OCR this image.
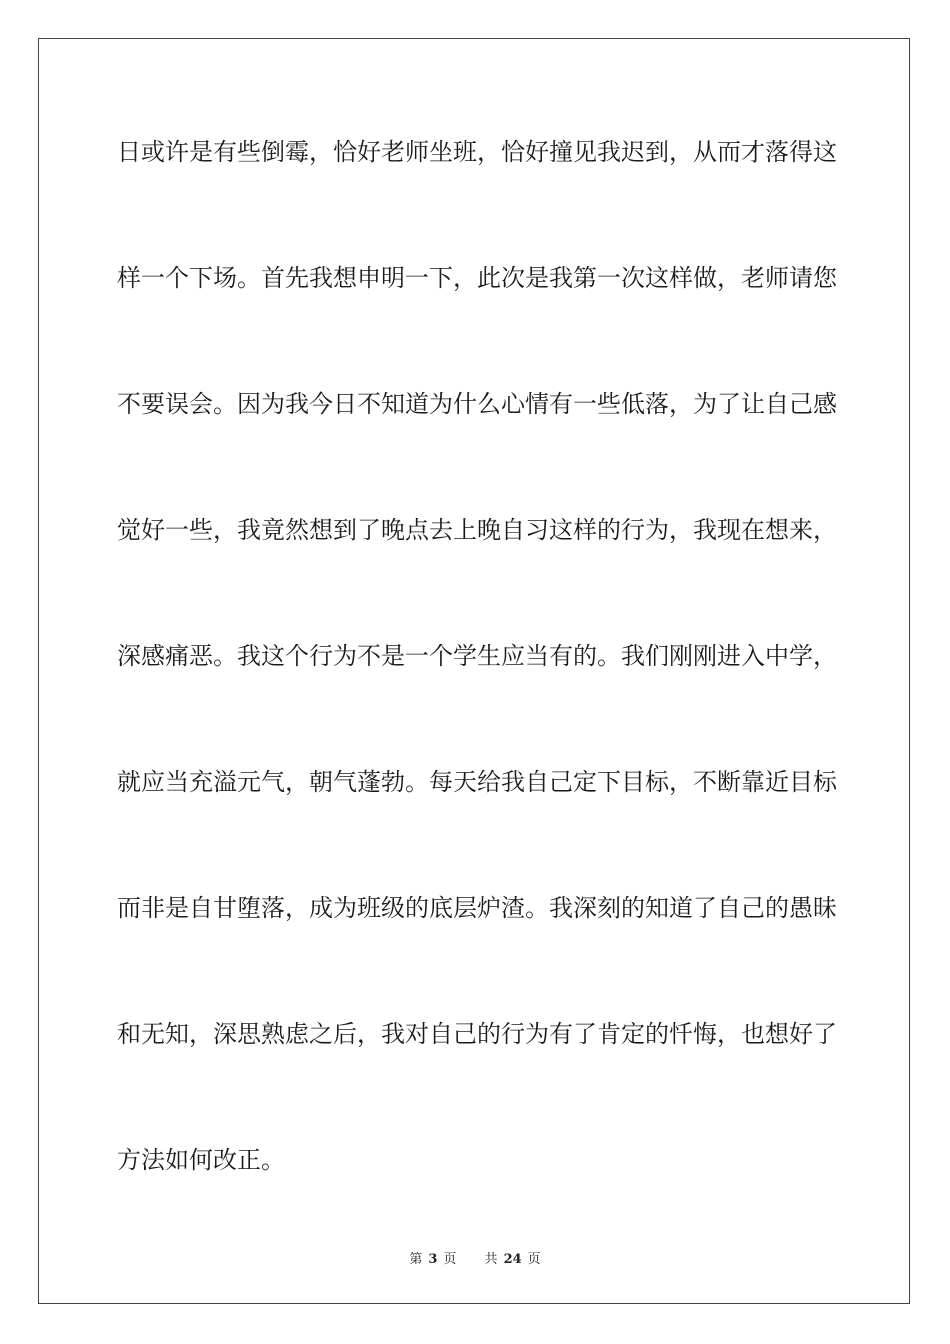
日或许是有些倒霉，恰好老师坐班，恰好撞见我迟到，从而才落得这
样一个下场。首先我想申明一下，此次是我第一次这样做，老师请您
不要误会。因为我今日不知道为什么心情有一些低落，为了让自己感
觉好一些，我竟然想到了晚点去上晚自习这样的行为，我现在想来，
深感痛恶。我这个行为不是一个学生应当有的。我们刚刚进入中学，
就应当充溢元气，朝气蓬勃。每天给我自己定下目标，不断靠近目标
而非是自甘堕落，成为班级的底层炉渣。我深刻的知道了自己的愚昧
和无知，深思熟虑之后，我对自己的行为有了肯定的忏悔，也想好了
方法如何改正。
第 3 页 共 24 页
